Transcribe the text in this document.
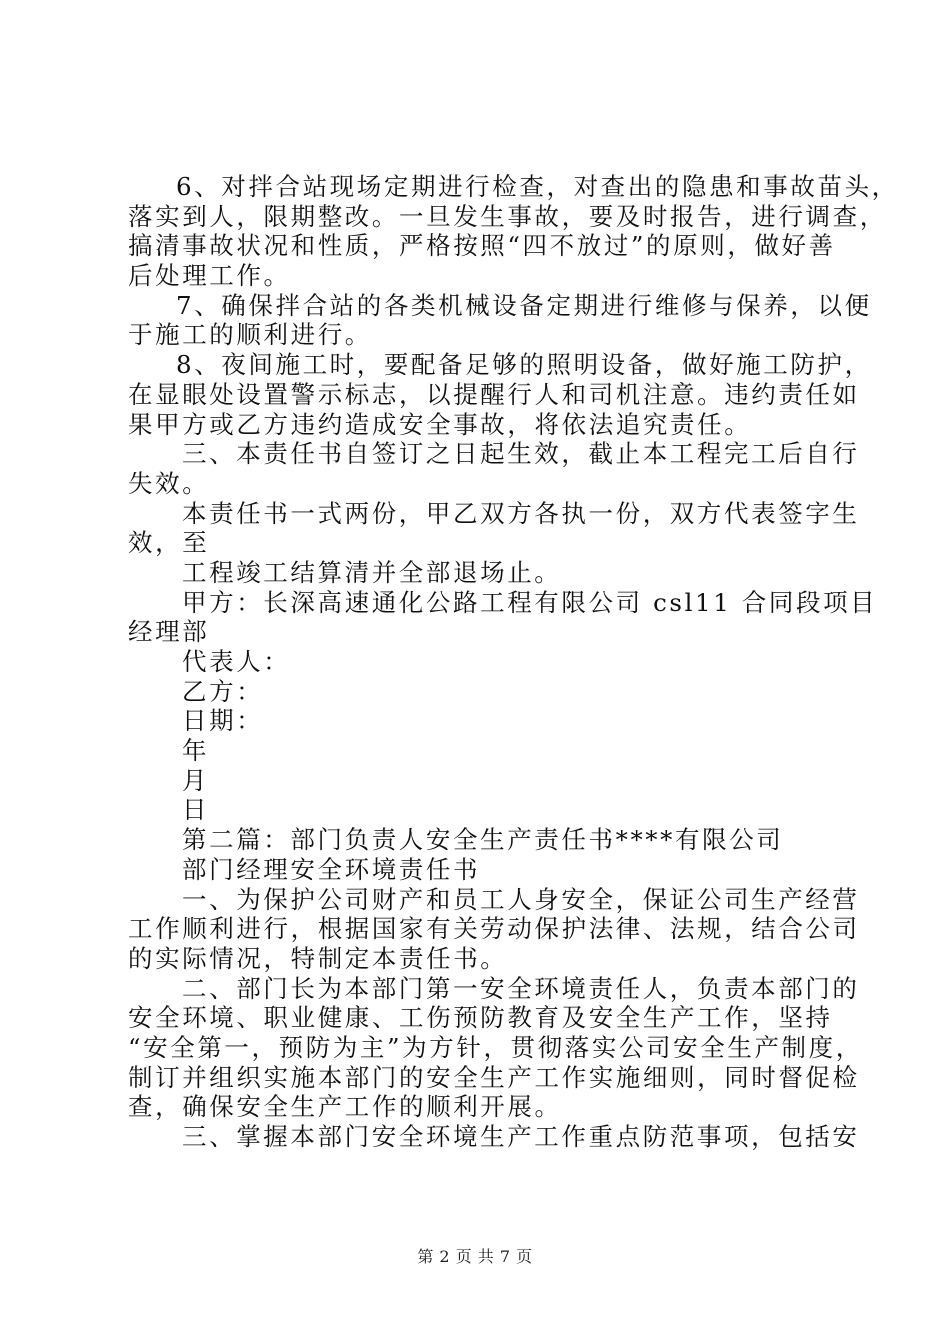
6、对拌合站现场定期进行检查，对查出的隐患和事故苗头，
落实到人，限期整改。一旦发生事故，要及时报告，进行调查，
搞清事故状况和性质，严格按照“四不放过”的原则，做好善
后处理工作。
7、确保拌合站的各类机械设备定期进行维修与保养，以便
于施工的顺利进行。
8、夜间施工时，要配备足够的照明设备，做好施工防护，
在显眼处设置警示标志，以提醒行人和司机注意。违约责任如
果甲方或乙方违约造成安全事故，将依法追究责任。
三、本责任书自签订之日起生效，截止本工程完工后自行
失效。
本责任书一式两份，甲乙双方各执一份，双方代表签字生
效，至
工程竣工结算清并全部退场止。
甲方：长深高速通化公路工程有限公司 csl11 合同段项目
经理部
代表人：
乙方：
日期：
年
月
日
第二篇：部门负责人安全生产责任书****有限公司
部门经理安全环境责任书
一、为保护公司财产和员工人身安全，保证公司生产经营
工作顺利进行，根据国家有关劳动保护法律、法规，结合公司
的实际情况，特制定本责任书。
二、部门长为本部门第一安全环境责任人，负责本部门的
安全环境、职业健康、工伤预防教育及安全生产工作，坚持
“安全第一，预防为主”为方针，贯彻落实公司安全生产制度，
制订并组织实施本部门的安全生产工作实施细则，同时督促检
查，确保安全生产工作的顺利开展。
三、掌握本部门安全环境生产工作重点防范事项，包括安
第 2 页 共 7 页
